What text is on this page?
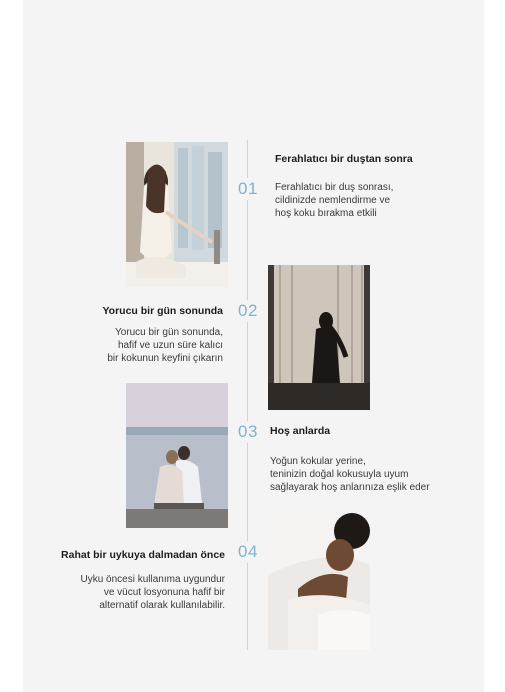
01
Ferahlatıcı bir duştan sonra
Ferahlatıcı bir duş sonrası,
cildinizde nemlendirme ve
hoş koku bırakma etkili
02
Yorucu bir gün sonunda
Yorucu bir gün sonunda,
hafif ve uzun süre kalıcı
bir kokunun keyfini çıkarın
03 Hoş anlarda
Yoğun kokular yerine,
teninizin doğal kokusuyla uyum
sağlayarak hoş anlarınıza eşlik eder
04
Rahat bir uykuya dalmadan önce
Uyku öncesi kullanıma uygundur
ve vücut losyonuna hafif bir
alternatif olarak kullanılabilir.
